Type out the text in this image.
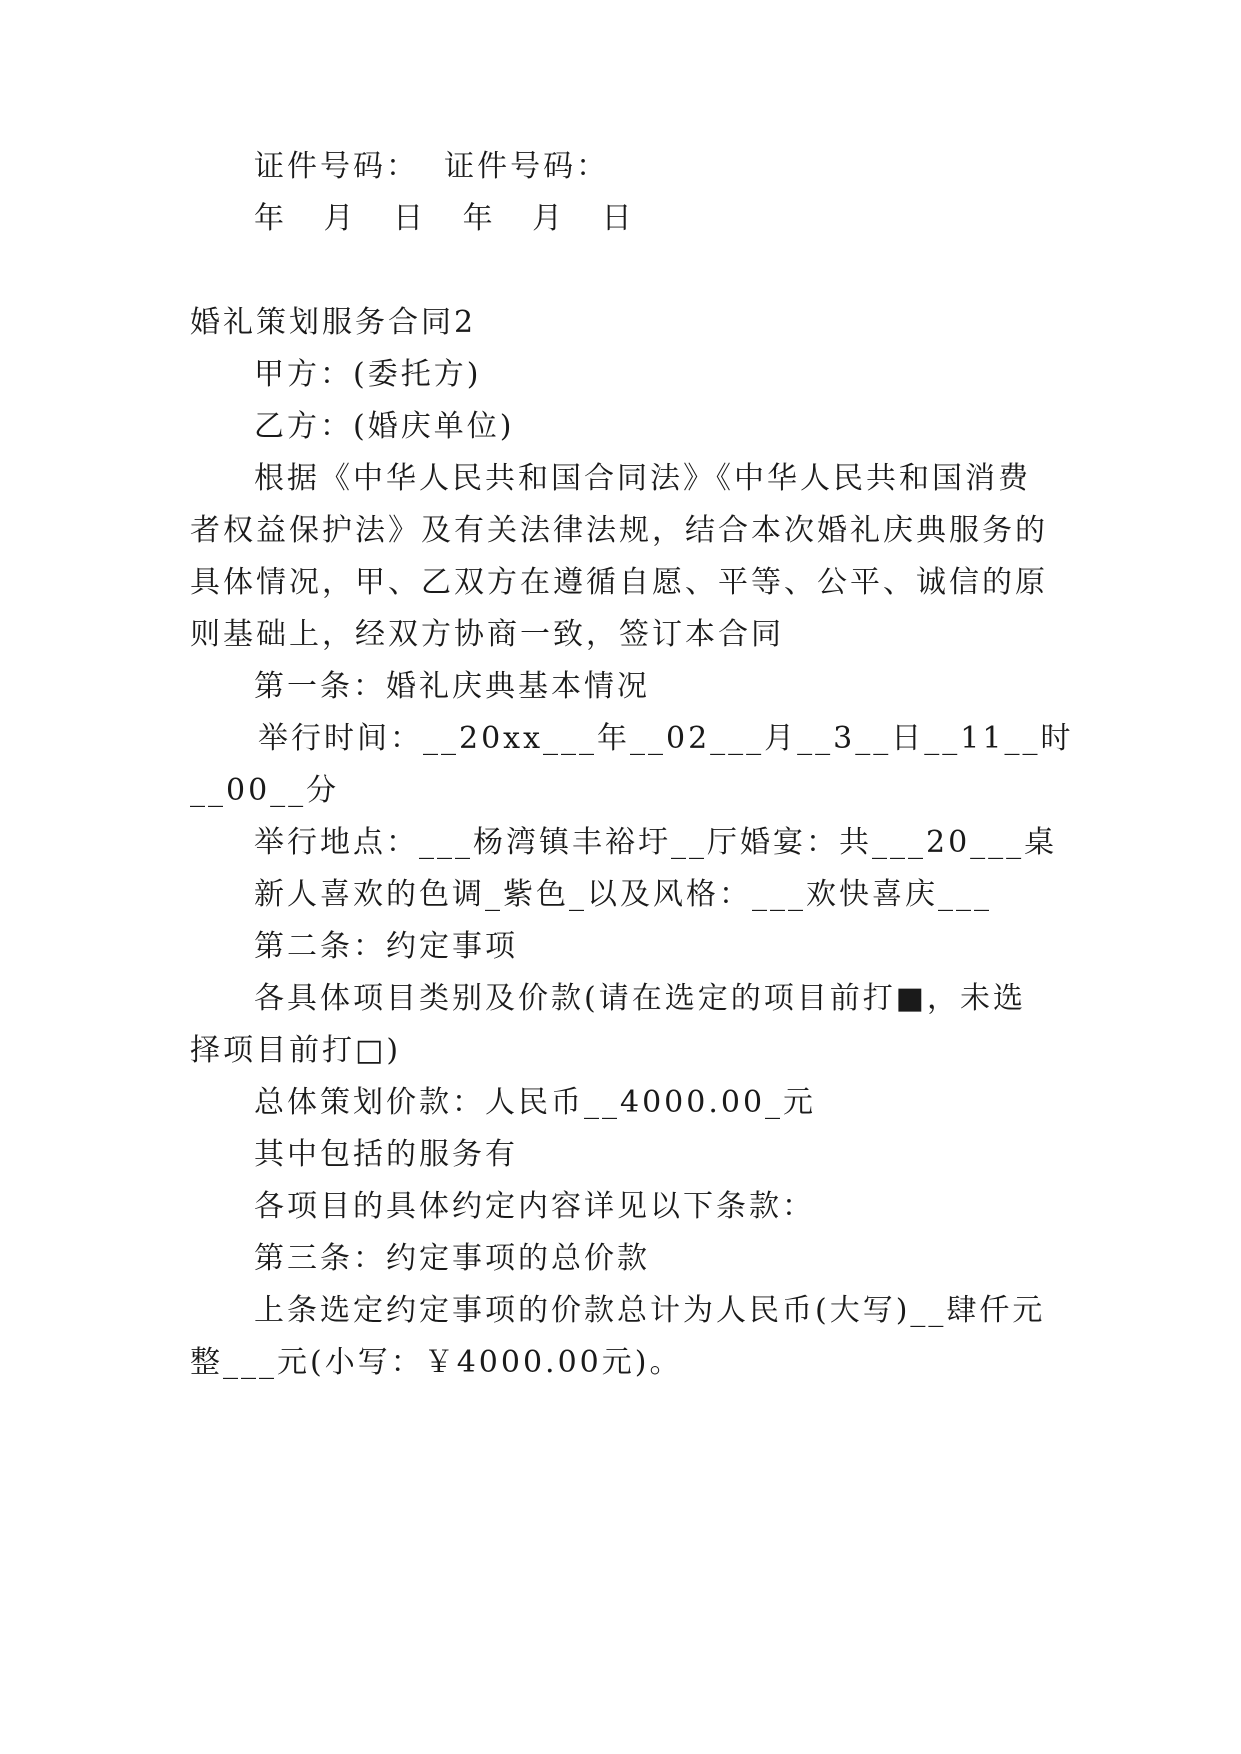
证件号码：  证件号码：
年 月 日 年 月 日
婚礼策划服务合同2
甲方：(委托方)
乙方：(婚庆单位)
根据《中华人民共和国合同法》《中华人民共和国消费
者权益保护法》及有关法律法规，结合本次婚礼庆典服务的
具体情况，甲、乙双方在遵循自愿、平等、公平、诚信的原
则基础上，经双方协商一致，签订本合同
第一条：婚礼庆典基本情况
举行时间：__20xx___年__02___月__3__日__11__时
__00__分
举行地点：___杨湾镇丰裕圩__厅婚宴：共___20___桌
新人喜欢的色调_紫色_以及风格：___欢快喜庆___
第二条：约定事项
各具体项目类别及价款(请在选定的项目前打■，未选
择项目前打□)
总体策划价款：人民币__4000.00_元
其中包括的服务有
各项目的具体约定内容详见以下条款：
第三条：约定事项的总价款
上条选定约定事项的价款总计为人民币(大写)__肆仟元
整___元(小写：￥4000.00元)。
